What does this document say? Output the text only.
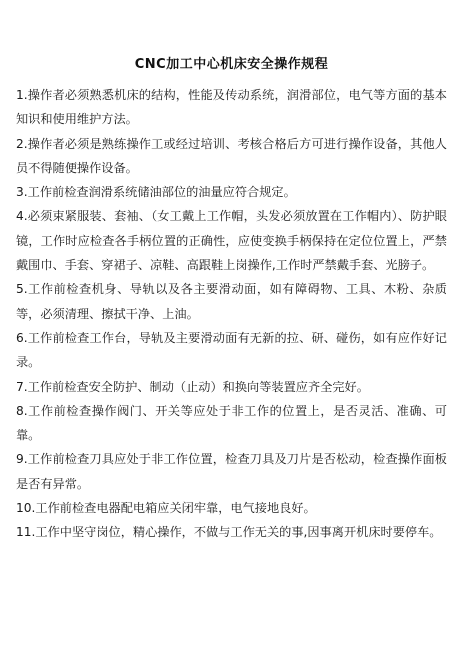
CNC加工中心机床安全操作规程
1.操作者必须熟悉机床的结构，性能及传动系统，润滑部位，电气等方面的基本知识和使用维护方法。
2.操作者必须是熟练操作工或经过培训、考核合格后方可进行操作设备，其他人员不得随便操作设备。
3.工作前检查润滑系统储油部位的油量应符合规定。
4.必须束紧服装、套袖、（女工戴上工作帽，头发必须放置在工作帽内）、防护眼镜，工作时应检查各手柄位置的正确性，应使变换手柄保持在定位位置上，严禁戴围巾、手套、穿裙子、凉鞋、高跟鞋上岗操作,工作时严禁戴手套、光膀子。
5.工作前检查机身、导轨以及各主要滑动面，如有障碍物、工具、木粉、杂质等，必须清理、擦拭干净、上油。
6.工作前检查工作台，导轨及主要滑动面有无新的拉、研、碰伤，如有应作好记录。
7.工作前检查安全防护、制动（止动）和换向等装置应齐全完好。
8.工作前检查操作阀门、开关等应处于非工作的位置上，是否灵活、准确、可靠。
9.工作前检查刀具应处于非工作位置，检查刀具及刀片是否松动，检查操作面板是否有异常。
10.工作前检查电器配电箱应关闭牢靠，电气接地良好。
11.工作中坚守岗位，精心操作，不做与工作无关的事,因事离开机床时要停车。
